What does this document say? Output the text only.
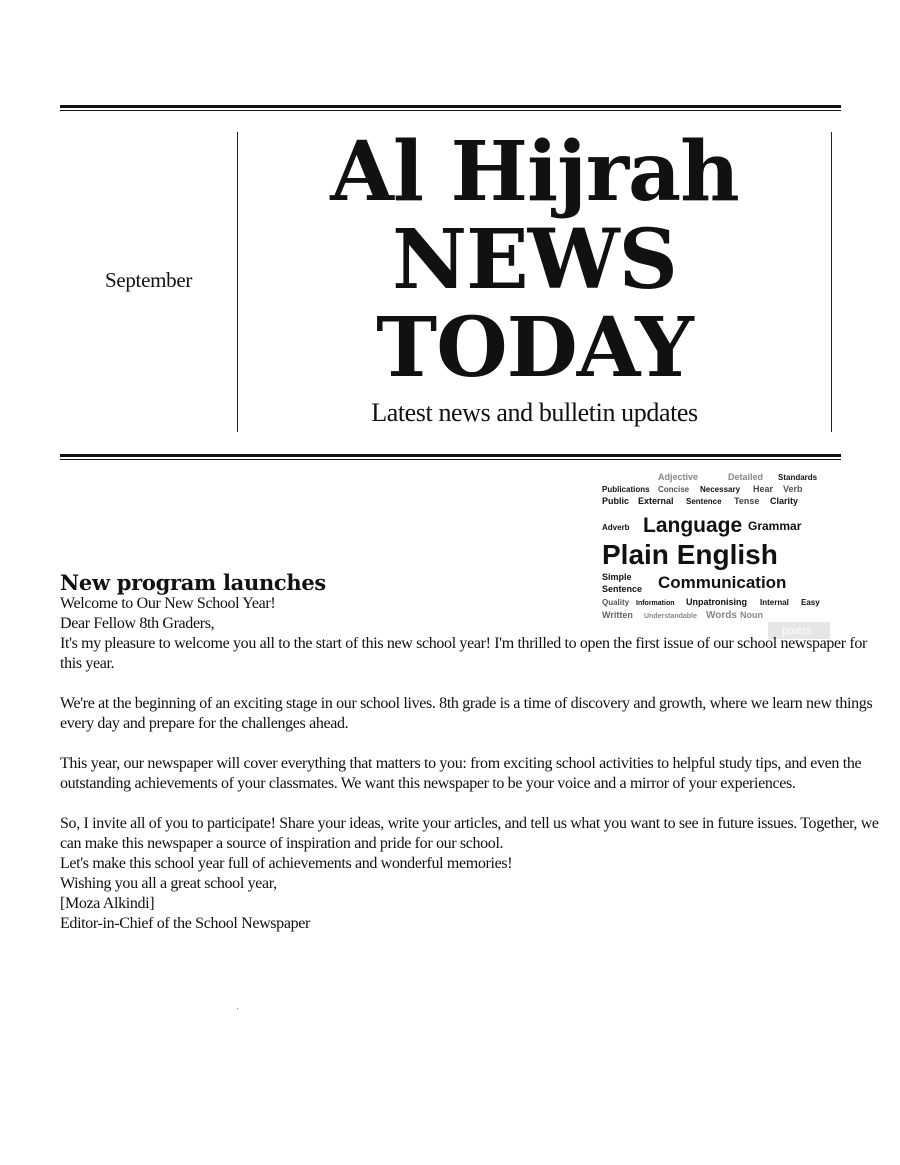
September
Al Hijrah
NEWS
TODAY
Latest news and bulletin updates
Adjective	Detailed Standards
Publications Concise Necessary Hear Verb
Public External Sentence Tense Clarity
Adverb Language Grammar
Plain English
Simple Communication
Sentence
Quality Information Unpatronising Internal Easy
Written Understandable Words Noun
pixers
New program launches

Welcome to Our New School Year!

Dear Fellow 8th Graders,

It's my pleasure to welcome you all to the start of this new school year! I'm thrilled to open the first issue of our school newspaper for this year.

We're at the beginning of an exciting stage in our school lives. 8th grade is a time of discovery and growth, where we learn new things every day and prepare for the challenges ahead.

This year, our newspaper will cover everything that matters to you: from exciting school activities to helpful study tips, and even the outstanding achievements of your classmates. We want this newspaper to be your voice and a mirror of your experiences.

So, I invite all of you to participate! Share your ideas, write your articles, and tell us what you want to see in future issues. Together, we can make this newspaper a source of inspiration and pride for our school.

Let's make this school year full of achievements and wonderful memories!

Wishing you all a great school year,

[Moza Alkindi]

Editor-in-Chief of the School Newspaper
